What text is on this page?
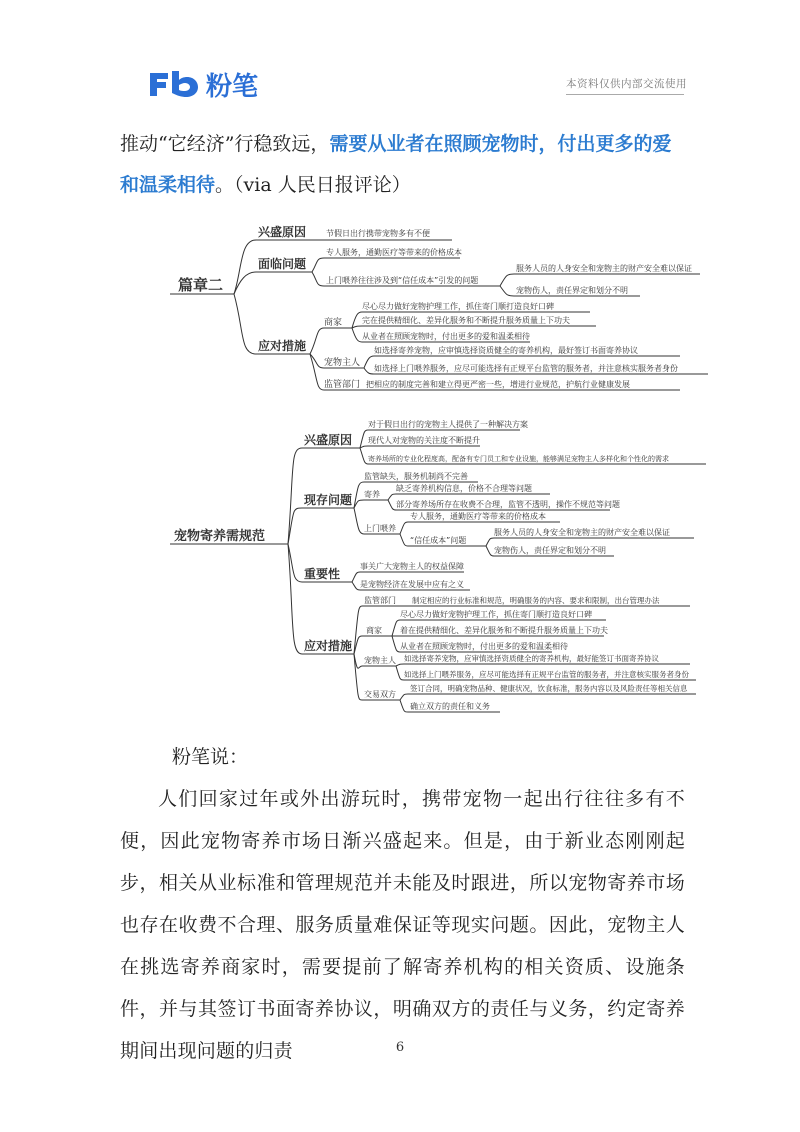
粉笔	本资料仅供内部交流使用
推动“它经济”行稳致远，需要从业者在照顾宠物时，付出更多的爱和温柔相待。（via 人民日报评论）
篇章二
兴盛原因 节假日出行携带宠物多有不便
面临问题
专人服务，通勤医疗等带来的价格成本
上门喂养往往涉及到“信任成本”引发的问题
服务人员的人身安全和宠物主的财产安全难以保证
宠物伤人，责任界定和划分不明
应对措施
商家
尽心尽力做好宠物护理工作，抓住寄门顺打造良好口碑
完在提供精细化、差异化服务和不断提升服务质量上下功夫
从业者在照顾宠物时，付出更多的爱和温柔相待
宠物主人
如选择寄养宠物，应审慎选择资质健全的寄养机构，最好签订书面寄养协议
如选择上门喂养服务，应尽可能选择有正规平台监管的服务者，并注意核实服务者身份
监管部门 把相应的制度完善和建立得更严密一些，增进行业规范，护航行业健康发展
宠物寄养需规范
兴盛原因
对于假日出行的宠物主人提供了一种解决方案
现代人对宠物的关注度不断提升
寄养场所的专业化程度高，配备有专门员工和专业设施，能够满足宠物主人多样化和个性化的需求
现存问题
监管缺失，服务机制尚不完善
寄养
缺乏寄养机构信息，价格不合理等问题
部分寄养场所存在收费不合理，监管不透明，操作不规范等问题
上门喂养
专人服务，通勤医疗等带来的价格成本
“信任成本”问题
服务人员的人身安全和宠物主的财产安全难以保证
宠物伤人，责任界定和划分不明
重要性
事关广大宠物主人的权益保障
是宠物经济在发展中应有之义
应对措施
监管部门 制定相应的行业标准和规范，明确服务的内容、要求和限制，出台管理办法
商家
尽心尽力做好宠物护理工作，抓住寄门顺打造良好口碑
着在提供精细化、差异化服务和不断提升服务质量上下功夫
从业者在照顾宠物时，付出更多的爱和温柔相待
宠物主人 如选择寄养宠物，应审慎选择资质健全的寄养机构，最好能签订书面寄养协议
如选择上门喂养服务，应尽可能选择有正规平台监管的服务者，并注意核实服务者身份
交易双方
签订合同，明确宠物品种、健康状况，饮食标准，服务内容以及风险责任等相关信息
确立双方的责任和义务
粉笔说：
人们回家过年或外出游玩时，携带宠物一起出行往往多有不便，因此宠物寄养市场日渐兴盛起来。但是，由于新业态刚刚起步，相关从业标准和管理规范并未能及时跟进，所以宠物寄养市场也存在收费不合理、服务质量难保证等现实问题。因此，宠物主人在挑选寄养商家时，需要提前了解寄养机构的相关资质、设施条件，并与其签订书面寄养协议，明确双方的责任与义务，约定寄养期间出现问题的归责	6
